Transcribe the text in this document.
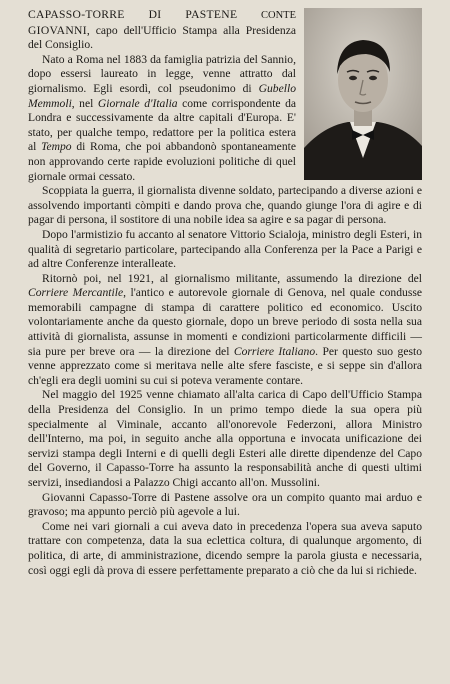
CAPASSO-TORRE DI PASTENE CONTE GIOVANNI, capo dell'Ufficio Stampa alla Presidenza del Consiglio.

Nato a Roma nel 1883 da famiglia patrizia del Sannio, dopo essersi laureato in legge, venne attratto dal giornalismo. Egli esordì, col pseudonimo di Gubello Memmoli, nel Giornale d'Italia come corrispondente da Londra e successivamente da altre capitali d'Europa. E' stato, per qualche tempo, redattore per la politica estera al Tempo di Roma, che poi abbandonò spontaneamente non approvando certe rapide evoluzioni politiche di quel giornale ormai cessato.

Scoppiata la guerra, il giornalista divenne soldato, partecipando a diverse azioni e assolvendo importanti còmpiti e dando prova che, quando giunge l'ora di agire e di pagar di persona, il sostitore di una nobile idea sa agire e sa pagar di persona.

Dopo l'armistizio fu accanto al senatore Vittorio Scialoja, ministro degli Esteri, in qualità di segretario particolare, partecipando alla Conferenza per la Pace a Parigi e ad altre Conferenze interalleate.

Ritornò poi, nel 1921, al giornalismo militante, assumendo la direzione del Corriere Mercantile, l'antico e autorevole giornale di Genova, nel quale condusse memorabili campagne di stampa di carattere politico ed economico. Uscito volontariamente anche da questo giornale, dopo un breve periodo di sosta nella sua attività di giornalista, assunse in momenti e condizioni particolarmente difficili — sia pure per breve ora — la direzione del Corriere Italiano. Per questo suo gesto venne apprezzato come si meritava nelle alte sfere fasciste, e si seppe sin d'allora ch'egli era degli uomini su cui si poteva veramente contare.

Nel maggio del 1925 venne chiamato all'alta carica di Capo dell'Ufficio Stampa della Presidenza del Consiglio. In un primo tempo diede la sua opera più specialmente al Viminale, accanto all'onorevole Federzoni, allora Ministro dell'Interno, ma poi, in seguito anche alla opportuna e invocata unificazione dei servizi stampa degli Interni e di quelli degli Esteri alle dirette dipendenze del Capo del Governo, il Capasso-Torre ha assunto la responsabilità anche di questi ultimi servizi, insediandosi a Palazzo Chigi accanto all'on. Mussolini.

Giovanni Capasso-Torre di Pastene assolve ora un compito quanto mai arduo e gravoso; ma appunto perciò più agevole a lui.

Come nei vari giornali a cui aveva dato in precedenza l'opera sua aveva saputo trattare con competenza, data la sua eclettica coltura, di qualunque argomento, di politica, di arte, di amministrazione, dicendo sempre la parola giusta e necessaria, così oggi egli dà prova di essere perfettamente preparato a ciò che da lui si richiede.
